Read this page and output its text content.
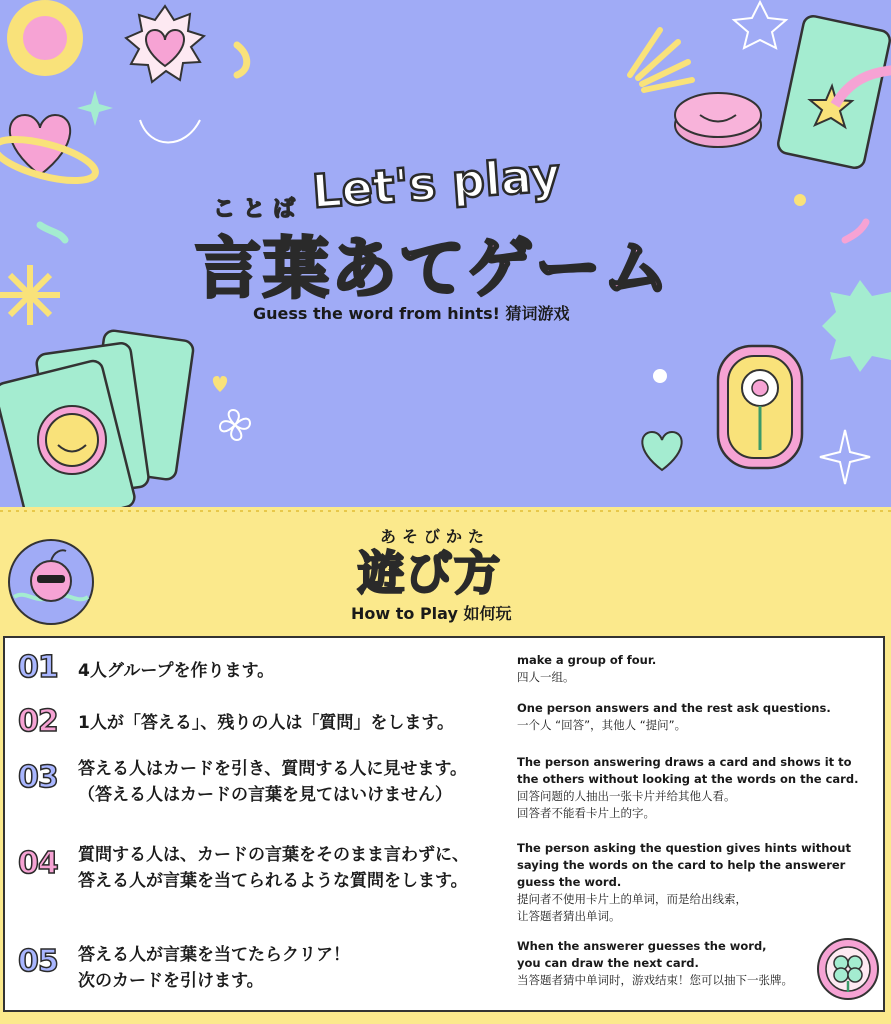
Let's play
ことば
言葉あてゲーム
Guess the word from hints! 猜词游戏
あそびかた
遊び方
How to Play 如何玩
01 4人グループを作ります。
make a group of four.
四人一组。
02 1人が「答える」、残りの人は「質問」をします。
One person answers and the rest ask questions.
一个人 “回答”，其他人 “提问”。
03 答える人はカードを引き、質問する人に見せます。
（答える人はカードの言葉を見てはいけません）
The person answering draws a card and shows it to
the others without looking at the words on the card.
回答问题的人抽出一张卡片并给其他人看。
回答者不能看卡片上的字。
04 質問する人は、カードの言葉をそのまま言わずに、
答える人が言葉を当てられるような質問をします。
The person asking the question gives hints without
saying the words on the card to help the answerer
guess the word.
提问者不使用卡片上的单词，而是给出线索，
让答题者猜出单词。
05 答える人が言葉を当てたらクリア！
次のカードを引けます。
When the answerer guesses the word,
you can draw the next card.
当答题者猜中单词时，游戏结束！您可以抽下一张牌。
